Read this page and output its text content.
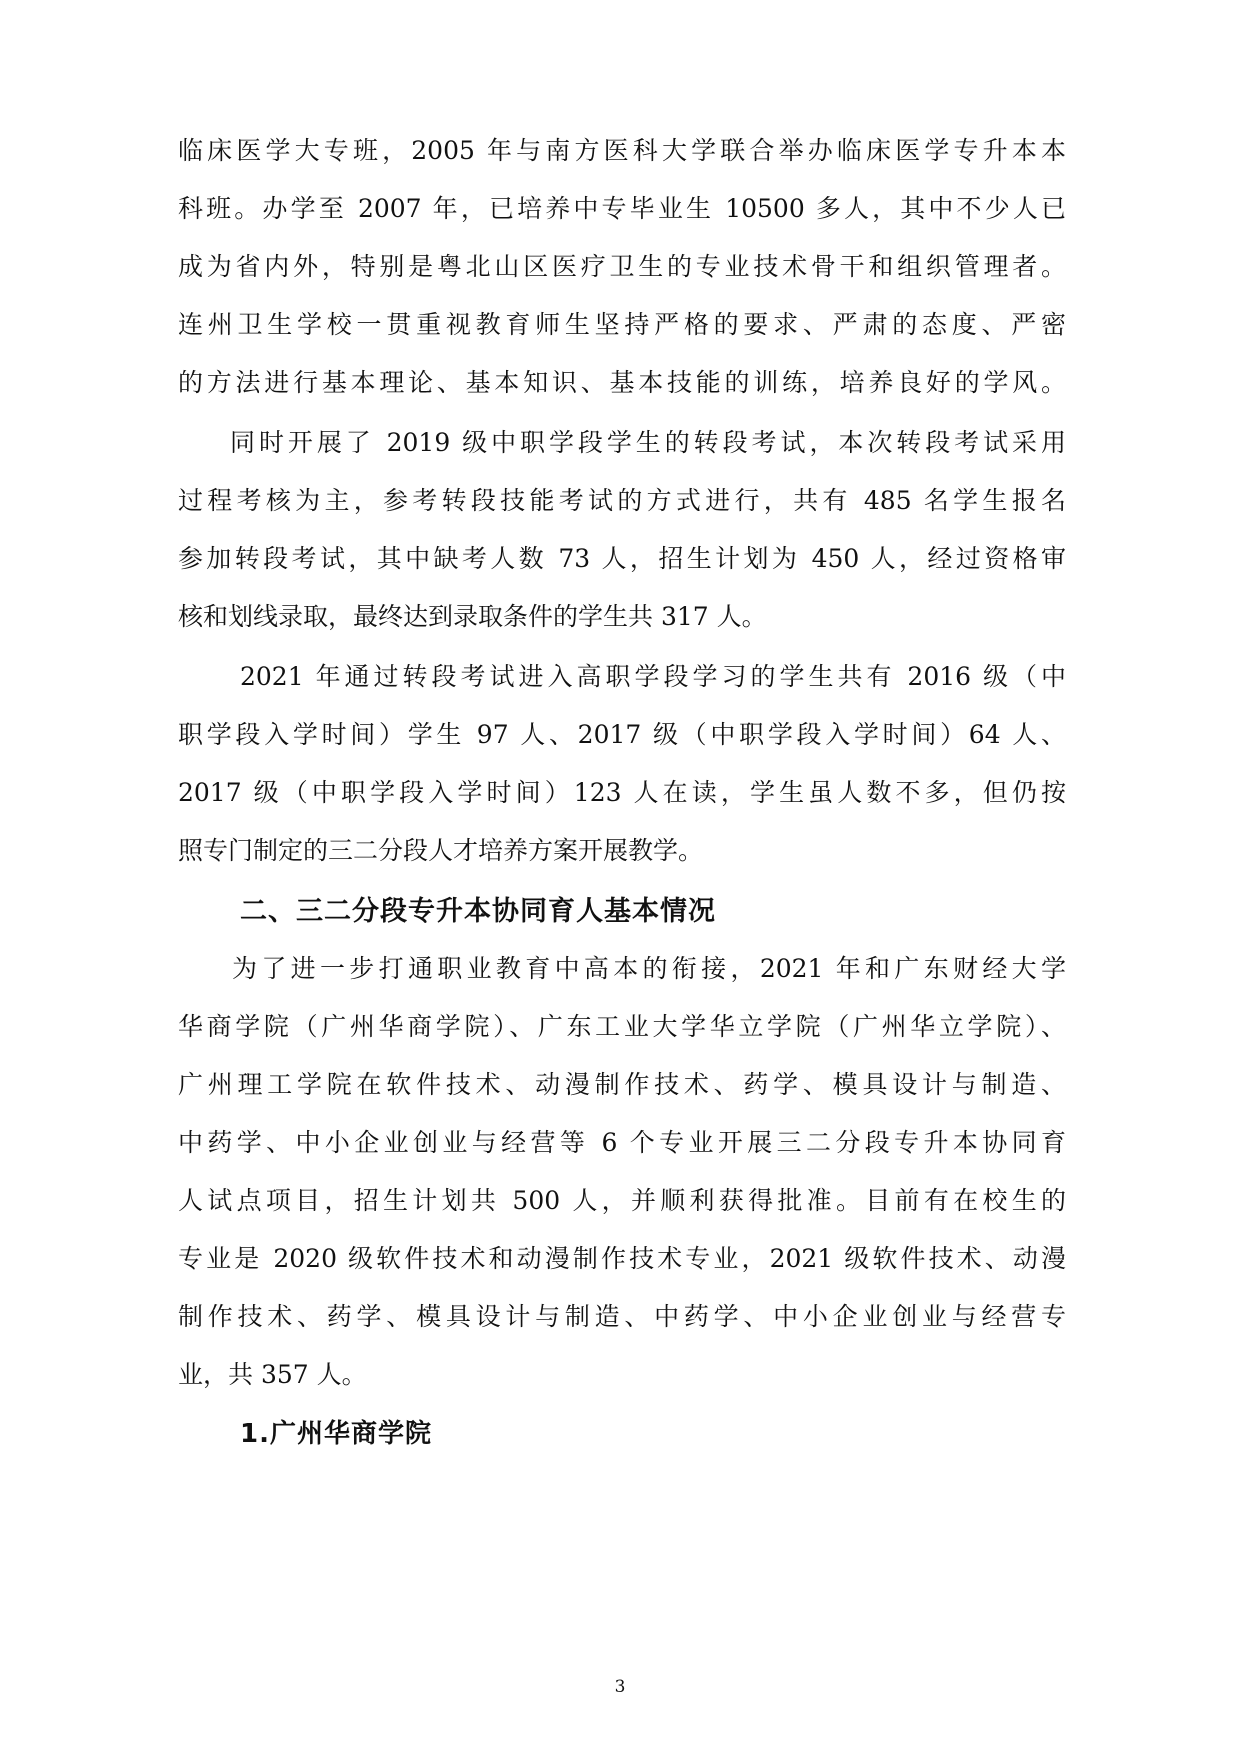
临床医学大专班，2005 年与南方医科大学联合举办临床医学专升本本
科班。办学至 2007 年，已培养中专毕业生 10500 多人，其中不少人已
成为省内外，特别是粤北山区医疗卫生的专业技术骨干和组织管理者。
连州卫生学校一贯重视教育师生坚持严格的要求、严肃的态度、严密
的方法进行基本理论、基本知识、基本技能的训练，培养良好的学风。
同时开展了 2019 级中职学段学生的转段考试，本次转段考试采用
过程考核为主，参考转段技能考试的方式进行，共有 485 名学生报名
参加转段考试，其中缺考人数 73 人，招生计划为 450 人，经过资格审
核和划线录取，最终达到录取条件的学生共 317 人。
2021 年通过转段考试进入高职学段学习的学生共有 2016 级（中
职学段入学时间）学生 97 人、2017 级（中职学段入学时间）64 人、
2017 级（中职学段入学时间）123 人在读，学生虽人数不多，但仍按
照专门制定的三二分段人才培养方案开展教学。
二、三二分段专升本协同育人基本情况
为了进一步打通职业教育中高本的衔接，2021 年和广东财经大学
华商学院（广州华商学院）、广东工业大学华立学院（广州华立学院）、
广州理工学院在软件技术、动漫制作技术、药学、模具设计与制造、
中药学、中小企业创业与经营等 6 个专业开展三二分段专升本协同育
人试点项目，招生计划共 500 人，并顺利获得批准。目前有在校生的
专业是 2020 级软件技术和动漫制作技术专业，2021 级软件技术、动漫
制作技术、药学、模具设计与制造、中药学、中小企业创业与经营专
业，共 357 人。
1.广州华商学院
3
